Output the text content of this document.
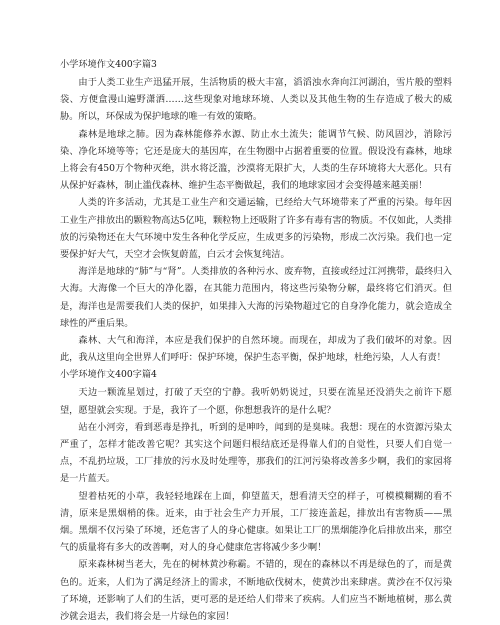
小学环境作文400字篇3

由于人类工业生产迅猛开展，生活物质的极大丰富，滔滔浊水奔向江河湖泊，雪片般的塑料袋、方便盒漫山遍野潇洒……这些现象对地球环境、人类以及其他生物的生存造成了极大的威胁。所以，环保成为保护地球的唯一有效的策略。

森林是地球之肺。因为森林能修养水源、防止水土流失；能调节气候、防风固沙，消除污染、净化环境等等；它还是庞大的基因库，在生物圈中占据着重要的位置。假设没有森林，地球上将会有450万个物种灭绝，洪水将泛滥，沙漠将无限扩大，人类的生存环境将大大恶化。只有从保护好森林，制止滥伐森林、维护生态平衡做起，我们的地球家园才会变得越来越美丽！

人类的许多活动，尤其是工业生产和交通运输，已经给大气环境带来了严重的污染。每年因工业生产排放出的颗粒物高达5亿吨，颗粒物上还吸附了许多有毒有害的物质。不仅如此，人类排放的污染物还在大气环境中发生各种化学反应，生成更多的污染物，形成二次污染。我们也一定要保护好大气，天空才会恢复蔚蓝，白云才会恢复纯洁。

海洋是地球的“肺”与“肾”。人类排放的各种污水、废弃物，直接或经过江河携带，最终归入大海。大海像一个巨大的净化器，在其能力范围内，将这些污染物分解，最终将它们消灭。但是，海洋也是需要我们人类的保护，如果排入大海的污染物超过它的自身净化能力，就会造成全球性的严重后果。

森林、大气和海洋，本应是我们保护的自然环境。而现在，却成为了我们破坏的对象。因此，我从这里向全世界人们呼吁：保护环境，保护生态平衡，保护地球，杜绝污染，人人有责！

小学环境作文400字篇4

天边一颗流星划过，打破了天空的宁静。我听奶奶说过，只要在流星还没消失之前许下愿望，愿望就会实现。于是，我许了一个愿，你想想我许的是什么呢？

站在小河旁，看到恶毒是挣扎，听到的是呻吟，闻到的是臭味。我想：现在的水资源污染太严重了，怎样才能改善它呢？其实这个问题归根结底还是得靠人们的自觉性，只要人们自觉一点，不乱扔垃圾，工厂排放的污水及时处理等，那我们的江河污染将改善多少啊，我们的家园将是一片蓝天。

望着枯死的小草，我轻轻地踩在上面，仰望蓝天，想看清天空的样子，可模模糊糊的看不清，原来是黑烟梢的侏。近来，由于社会生产力开展，工厂接连盖起，排放出有害物质——黑烟。黑烟不仅污染了环境，还危害了人的身心健康。如果让工厂的黑烟能净化后排放出来，那空气的质量将有多大的改善啊，对人的身心健康危害将减少多少啊！

原来森林树当老大，先在的树林黄沙称霸。不错的，现在的森林以不再是绿色的了，而是黄色的。近来，人们为了满足经济上的需求，不断地砍伐树木，使黄沙出来肆虐。黄沙在不仅污染了环境，还影响了人们的生活，更可恶的是还给人们带来了疾病。人们应当不断地植树，那么黄沙就会退去，我们将会是一片绿色的家园！
